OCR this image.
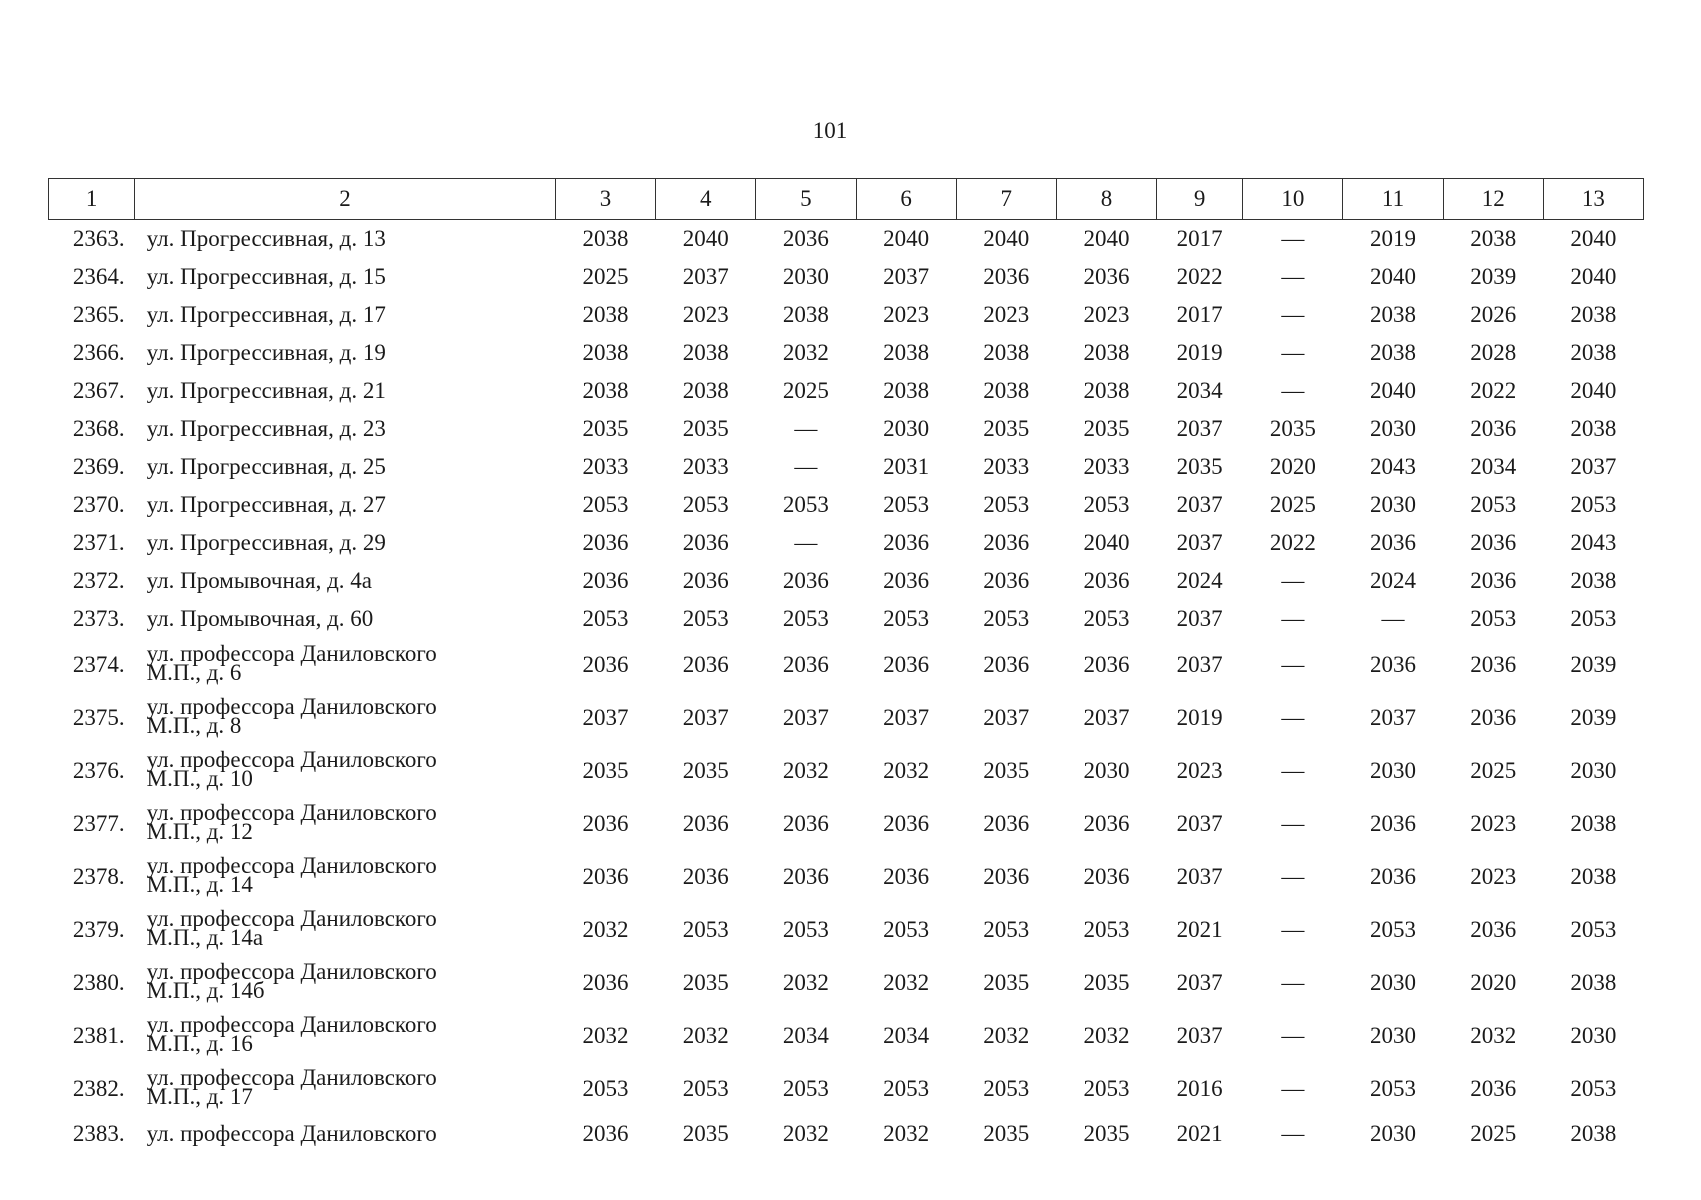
101
1	2	3	4	5	6	7	8	9	10	11	12	13
2363.	ул. Прогрессивная, д. 13	2038	2040	2036	2040	2040	2040	2017	—	2019	2038	2040
2364.	ул. Прогрессивная, д. 15	2025	2037	2030	2037	2036	2036	2022	—	2040	2039	2040
2365.	ул. Прогрессивная, д. 17	2038	2023	2038	2023	2023	2023	2017	—	2038	2026	2038
2366.	ул. Прогрессивная, д. 19	2038	2038	2032	2038	2038	2038	2019	—	2038	2028	2038
2367.	ул. Прогрессивная, д. 21	2038	2038	2025	2038	2038	2038	2034	—	2040	2022	2040
2368.	ул. Прогрессивная, д. 23	2035	2035	—	2030	2035	2035	2037	2035	2030	2036	2038
2369.	ул. Прогрессивная, д. 25	2033	2033	—	2031	2033	2033	2035	2020	2043	2034	2037
2370.	ул. Прогрессивная, д. 27	2053	2053	2053	2053	2053	2053	2037	2025	2030	2053	2053
2371.	ул. Прогрессивная, д. 29	2036	2036	—	2036	2036	2040	2037	2022	2036	2036	2043
2372.	ул. Промывочная, д. 4а	2036	2036	2036	2036	2036	2036	2024	—	2024	2036	2038
2373.	ул. Промывочная, д. 60	2053	2053	2053	2053	2053	2053	2037	—	—	2053	2053
2374.	ул. профессора Даниловского М.П., д. 6	2036	2036	2036	2036	2036	2036	2037	—	2036	2036	2039
2375.	ул. профессора Даниловского М.П., д. 8	2037	2037	2037	2037	2037	2037	2019	—	2037	2036	2039
2376.	ул. профессора Даниловского М.П., д. 10	2035	2035	2032	2032	2035	2030	2023	—	2030	2025	2030
2377.	ул. профессора Даниловского М.П., д. 12	2036	2036	2036	2036	2036	2036	2037	—	2036	2023	2038
2378.	ул. профессора Даниловского М.П., д. 14	2036	2036	2036	2036	2036	2036	2037	—	2036	2023	2038
2379.	ул. профессора Даниловского М.П., д. 14а	2032	2053	2053	2053	2053	2053	2021	—	2053	2036	2053
2380.	ул. профессора Даниловского М.П., д. 14б	2036	2035	2032	2032	2035	2035	2037	—	2030	2020	2038
2381.	ул. профессора Даниловского М.П., д. 16	2032	2032	2034	2034	2032	2032	2037	—	2030	2032	2030
2382.	ул. профессора Даниловского М.П., д. 17	2053	2053	2053	2053	2053	2053	2016	—	2053	2036	2053
2383.	ул. профессора Даниловского	2036	2035	2032	2032	2035	2035	2021	—	2030	2025	2038
